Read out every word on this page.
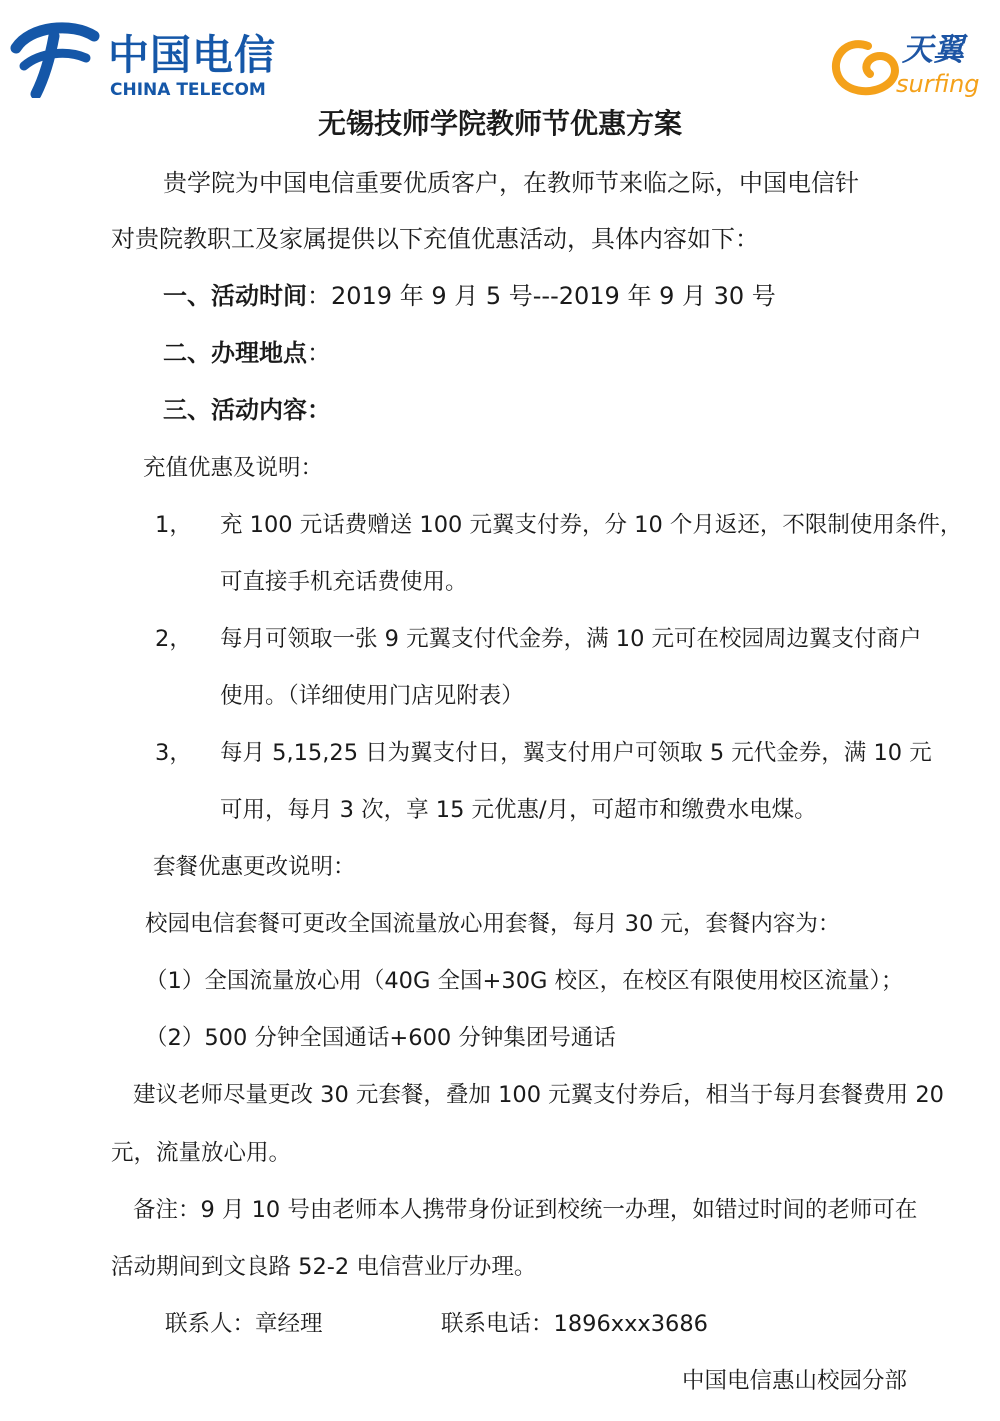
中国电信
CHINA TELECOM
天翼
surfing
无锡技师学院教师节优惠方案
贵学院为中国电信重要优质客户，在教师节来临之际，中国电信针
对贵院教职工及家属提供以下充值优惠活动，具体内容如下：
一、活动时间：2019 年 9 月 5 号---2019 年 9 月 30 号
二、办理地点：
三、活动内容：
充值优惠及说明：
1， 充 100 元话费赠送 100 元翼支付券，分 10 个月返还，不限制使用条件，
可直接手机充话费使用。
2， 每月可领取一张 9 元翼支付代金券，满 10 元可在校园周边翼支付商户
使用。（详细使用门店见附表）
3， 每月 5,15,25 日为翼支付日，翼支付用户可领取 5 元代金券，满 10 元
可用，每月 3 次，享 15 元优惠/月，可超市和缴费水电煤。
套餐优惠更改说明：
校园电信套餐可更改全国流量放心用套餐，每月 30 元，套餐内容为：
（1）全国流量放心用（40G 全国+30G 校区，在校区有限使用校区流量）；
（2）500 分钟全国通话+600 分钟集团号通话
建议老师尽量更改 30 元套餐，叠加 100 元翼支付券后，相当于每月套餐费用 20
元，流量放心用。
备注：9 月 10 号由老师本人携带身份证到校统一办理，如错过时间的老师可在
活动期间到文良路 52-2 电信营业厅办理。
联系人：章经理	联系电话：1896xxx3686
中国电信惠山校园分部
